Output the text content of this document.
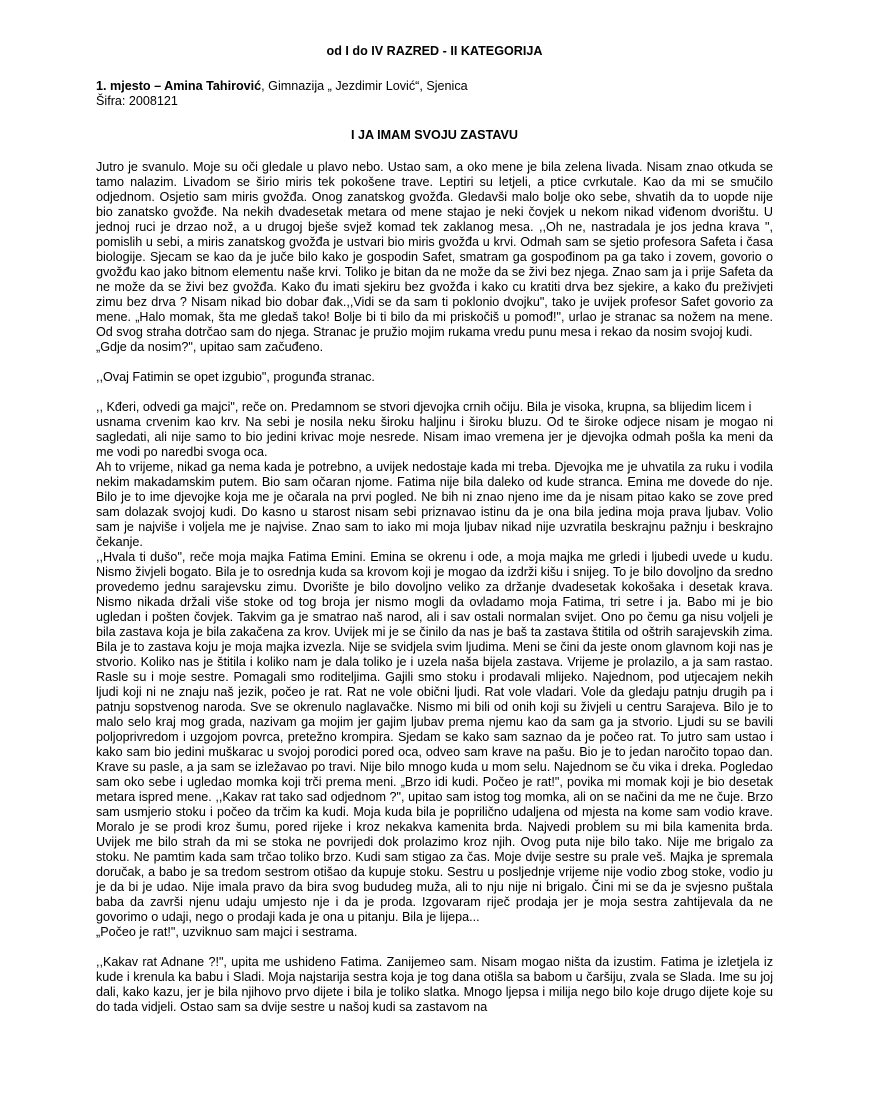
od I do IV RAZRED - II KATEGORIJA

1. mjesto – Amina Tahirović, Gimnazija „ Jezdimir Lović“, Sjenica

Šifra: 2008121

I JA IMAM SVOJU ZASTAVU

Jutro je svanulo. Moje su oči gledale u plavo nebo. Ustao sam, a oko mene je bila zelena livada. Nisam znao otkuda se tamo nalazim. Livadom se širio miris tek pokošene trave. Leptiri su letjeli, a ptice cvrkutale. Kao da mi se smučilo odjednom. Osjetio sam miris gvožđa. Onog zanatskog gvožđa. Gledavši malo bolje oko sebe, shvatih da to uopde nije bio zanatsko gvožđe. Na nekih dvadesetak metara od mene stajao je neki čovjek u nekom nikad viđenom dvorištu. U jednoj ruci je drzao nož, a u drugoj bješe svjež komad tek zaklanog mesa. ,,Oh ne, nastradala je jos jedna krava ", pomislih u sebi, a miris zanatskog gvožđa je ustvari bio miris gvožđa u krvi. Odmah sam se sjetio profesora Safeta i časa biologije. Sjecam se kao da je juče bilo kako je gospodin Safet, smatram ga gospođinom pa ga tako i zovem, govorio o gvožđu kao jako bitnom elementu naše krvi. Toliko je bitan da ne može da se živi bez njega. Znao sam ja i prije Safeta da ne može da se živi bez gvožđa. Kako đu imati sjekiru bez gvožđa i kako cu kratiti drva bez sjekire, a kako đu preživjeti zimu bez drva ? Nisam nikad bio dobar đak.,,Vidi se da sam ti poklonio dvojku", tako je uvijek profesor Safet govorio za mene. „Halo momak, šta me gledaš tako! Bolje bi ti bilo da mi priskočiš u pomođ!", urlao je stranac sa nožem na mene. Od svog straha dotrčao sam do njega. Stranac je pružio mojim rukama vredu punu mesa i rekao da nosim svojoj kudi.

„Gdje da nosim?", upitao sam začuđeno.

,,Ovaj Fatimin se opet izgubio", progunđa stranac.

,, Kđeri, odvedi ga majci", reče on. Predamnom se stvori djevojka crnih očiju. Bila je visoka, krupna, sa blijedim licem i

usnama crvenim kao krv. Na sebi je nosila neku široku haljinu i široku bluzu. Od te široke odjece nisam je mogao ni sagledati, ali nije samo to bio jedini krivac moje nesrede. Nisam imao vremena jer je djevojka odmah pošla ka meni da me vodi po naredbi svoga oca.

Ah to vrijeme, nikad ga nema kada je potrebno, a uvijek nedostaje kada mi treba. Djevojka me je uhvatila za ruku i vodila nekim makadamskim putem. Bio sam očaran njome. Fatima nije bila daleko od kude stranca. Emina me dovede do nje. Bilo je to ime djevojke koja me je očarala na prvi pogled. Ne bih ni znao njeno ime da je nisam pitao kako se zove pred sam dolazak svojoj kudi. Do kasno u starost nisam sebi priznavao istinu da je ona bila jedina moja prava ljubav. Volio sam je najviše i voljela me je najvise. Znao sam to iako mi moja ljubav nikad nije uzvratila beskrajnu pažnju i beskrajno čekanje.

,,Hvala ti dušo", reče moja majka Fatima Emini. Emina se okrenu i ode, a moja majka me grledi i ljubedi uvede u kudu. Nismo živjeli bogato. Bila je to osrednja kuda sa krovom koji je mogao da izdrži kišu i snijeg. To je bilo dovoljno da sredno provedemo jednu sarajevsku zimu. Dvorište je bilo dovoljno veliko za držanje dvadesetak kokošaka i desetak krava. Nismo nikada držali više stoke od tog broja jer nismo mogli da ovladamo moja Fatima, tri setre i ja. Babo mi je bio ugledan i pošten čovjek. Takvim ga je smatrao naš narod, ali i sav ostali normalan svijet. Ono po čemu ga nisu voljeli je bila zastava koja je bila zakačena za krov. Uvijek mi je se činilo da nas je baš ta zastava štitila od oštrih sarajevskih zima. Bila je to zastava koju je moja majka izvezla. Nije se svidjela svim ljudima. Meni se čini da jeste onom glavnom koji nas je stvorio. Koliko nas je štitila i koliko nam je dala toliko je i uzela naša bijela zastava. Vrijeme je prolazilo, a ja sam rastao. Rasle su i moje sestre. Pomagali smo roditeljima. Gajili smo stoku i prodavali mlijeko. Najednom, pod utjecajem nekih ljudi koji ni ne znaju naš jezik, počeo je rat. Rat ne vole obični ljudi. Rat vole vladari. Vole da gledaju patnju drugih pa i patnju sopstvenog naroda. Sve se okrenulo naglavačke. Nismo mi bili od onih koji su živjeli u centru Sarajeva. Bilo je to malo selo kraj mog grada, nazivam ga mojim jer gajim ljubav prema njemu kao da sam ga ja stvorio. Ljudi su se bavili poljoprivredom i uzgojom povrca, pretežno krompira. Sjedam se kako sam saznao da je počeo rat. To jutro sam ustao i kako sam bio jedini muškarac u svojoj porodici pored oca, odveo sam krave na pašu. Bio je to jedan naročito topao dan. Krave su pasle, a ja sam se izležavao po travi. Nije bilo mnogo kuda u mom selu. Najednom se ču vika i dreka. Pogledao sam oko sebe i ugledao momka koji trči prema meni. „Brzo idi kudi. Počeo je rat!", povika mi momak koji je bio desetak metara ispred mene. ,,Kakav rat tako sad odjednom ?", upitao sam istog tog momka, ali on se načini da me ne čuje. Brzo sam usmjerio stoku i počeo da trčim ka kudi. Moja kuda bila je poprilično udaljena od mjesta na kome sam vodio krave. Moralo je se prodi kroz šumu, pored rijeke i kroz nekakva kamenita brda. Najvedi problem su mi bila kamenita brda. Uvijek me bilo strah da mi se stoka ne povrijedi dok prolazimo kroz njih. Ovog puta nije bilo tako. Nije me brigalo za stoku. Ne pamtim kada sam trčao toliko brzo. Kudi sam stigao za čas. Moje dvije sestre su prale veš. Majka je spremala doručak, a babo je sa tredom sestrom otišao da kupuje stoku. Sestru u posljednje vrijeme nije vodio zbog stoke, vodio ju je da bi je udao. Nije imala pravo da bira svog bududeg muža, ali to nju nije ni brigalo. Čini mi se da je svjesno puštala baba da završi njenu udaju umjesto nje i da je proda. Izgovaram riječ prodaja jer je moja sestra zahtijevala da ne govorimo o udaji, nego o prodaji kada je ona u pitanju. Bila je lijepa...

„Počeo je rat!", uzviknuo sam majci i sestrama.

,,Kakav rat Adnane ?!", upita me ushideno Fatima. Zanijemeo sam. Nisam mogao ništa da izustim. Fatima je izletjela iz kude i krenula ka babu i Sladi. Moja najstarija sestra koja je tog dana otišla sa babom u čaršiju, zvala se Slada. Ime su joj dali, kako kazu, jer je bila njihovo prvo dijete i bila je toliko slatka. Mnogo ljepsa i milija nego bilo koje drugo dijete koje su do tada vidjeli. Ostao sam sa dvije sestre u našoj kudi sa zastavom na
